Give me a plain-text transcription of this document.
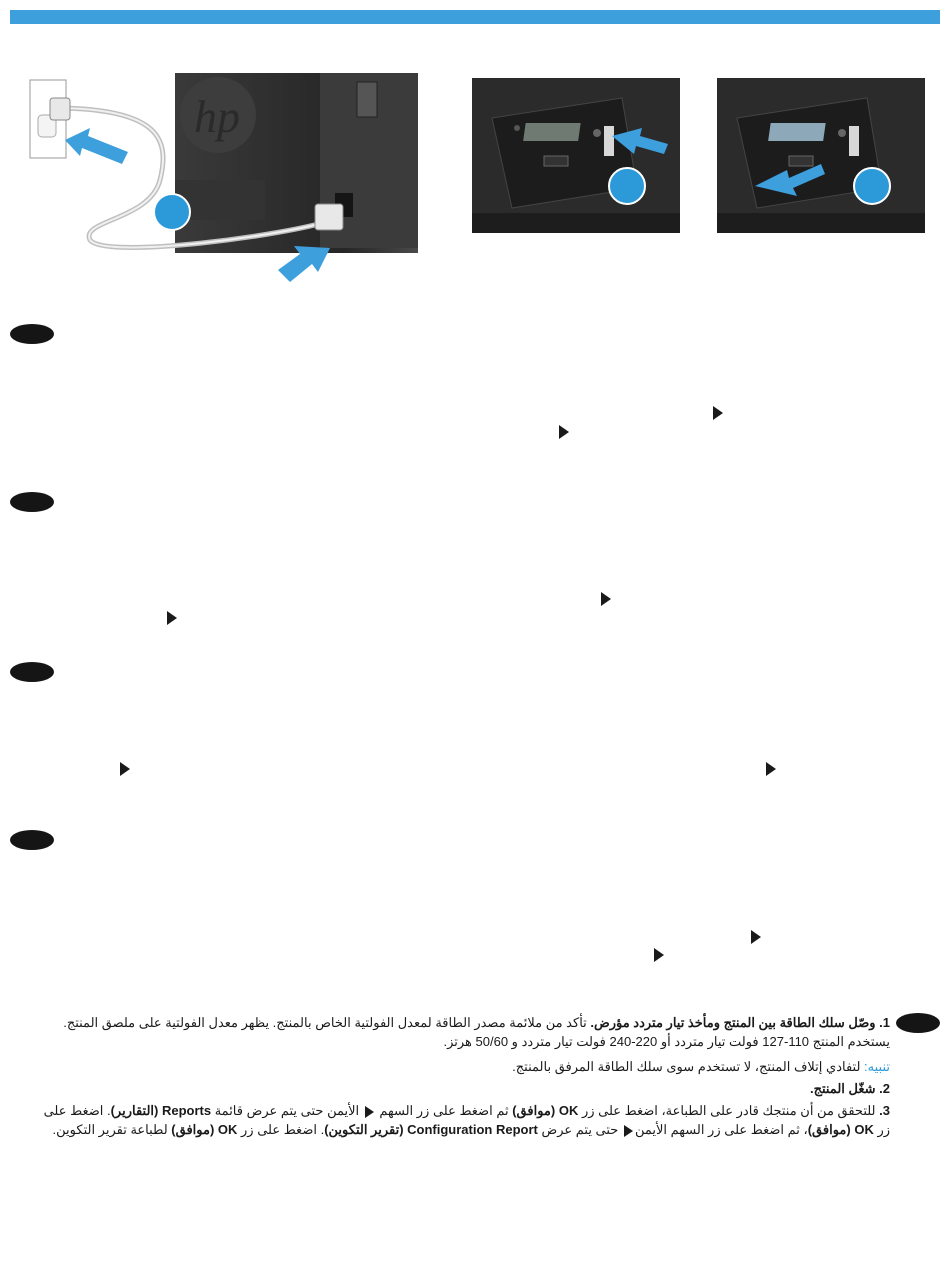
hp

1. وصّل سلك الطاقة بين المنتج ومأخذ تيار متردد مؤرض. تأكد من ملائمة مصدر الطاقة لمعدل الفولتية الخاص بالمنتج. يظهر معدل الفولتية على ملصق المنتج. يستخدم المنتج 110-127 فولت تيار متردد أو 220-240 فولت تيار متردد و 50/60 هرتز.

تنبيه: لتفادي إتلاف المنتج، لا تستخدم سوى سلك الطاقة المرفق بالمنتج.

2. شغّل المنتج.

3. للتحقق من أن منتجك قادر على الطباعة، اضغط على زر OK (موافق) ثم اضغط على زر السهم  الأيمن حتى يتم عرض قائمة Reports (التقارير). اضغط على زر OK (موافق)، ثم اضغط على زر السهم الأيمن حتى يتم عرض Configuration Report (تقرير التكوين). اضغط على زر OK (موافق) لطباعة تقرير التكوين.
